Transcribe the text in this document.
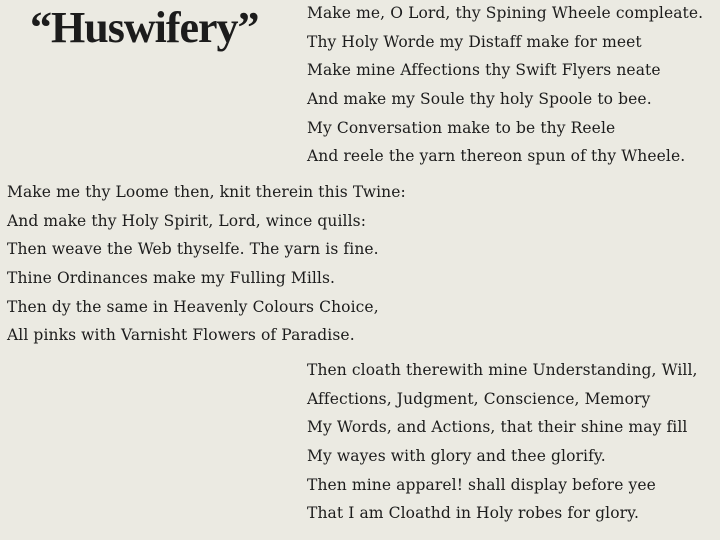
“Huswifery”	Make me, O Lord, thy Spining Wheele compleate.
Thy Holy Worde my Distaff make for meet
Make mine Affections thy Swift Flyers neate
And make my Soule thy holy Spoole to bee.
My Conversation make to be thy Reele
And reele the yarn thereon spun of thy Wheele.
Make me thy Loome then, knit therein this Twine:
And make thy Holy Spirit, Lord, wince quills:
Then weave the Web thyselfe. The yarn is fine.
Thine Ordinances make my Fulling Mills.
Then dy the same in Heavenly Colours Choice,
All pinks with Varnisht Flowers of Paradise.
Then cloath therewith mine Understanding, Will,
Affections, Judgment, Conscience, Memory
My Words, and Actions, that their shine may fill
My wayes with glory and thee glorify.
Then mine apparel! shall display before yee
That I am Cloathd in Holy robes for glory.
